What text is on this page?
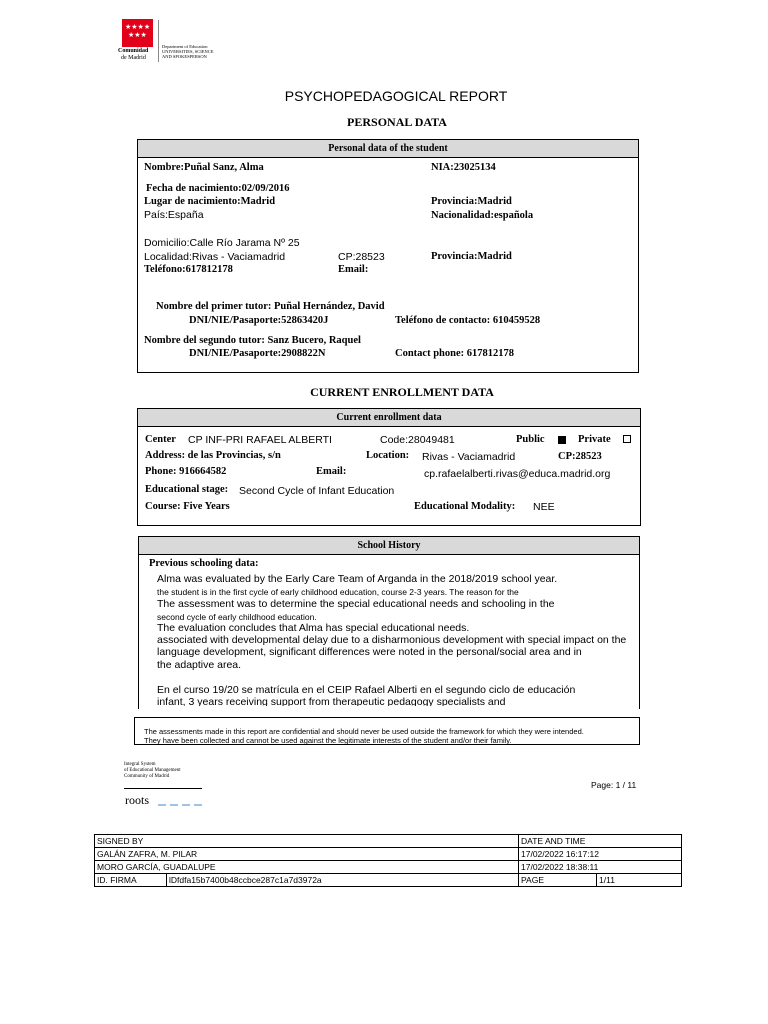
★★★★
★★★
Comunidad
de Madrid
Department of Education
UNIVERSITIES, SCIENCE
AND SPOKESPERSON
PSYCHOPEDAGOGICAL REPORT
PERSONAL DATA
Personal data of the student
Nombre:Puñal Sanz, Alma	NIA:23025134
Fecha de nacimiento:02/09/2016
Lugar de nacimiento:Madrid	Provincia:Madrid
País:España	Nacionalidad:española
Domicilio:Calle Río Jarama Nº 25
Localidad:Rivas - Vaciamadrid	CP:28523	Provincia:Madrid
Teléfono:617812178	Email:
Nombre del primer tutor: Puñal Hernández, David
DNI/NIE/Pasaporte:52863420J	Teléfono de contacto: 610459528
Nombre del segundo tutor: Sanz Bucero, Raquel
DNI/NIE/Pasaporte:2908822N	Contact phone: 617812178
CURRENT ENROLLMENT DATA
Current enrollment data
Center CP INF-PRI RAFAEL ALBERTI	Code:28049481	Public	Private
Address: de las Provincias, s/n	Location: Rivas - Vaciamadrid	CP:28523
Phone: 916664582	Email:	cp.rafaelalberti.rivas@educa.madrid.org
Educational stage: Second Cycle of Infant Education
Course: Five Years	Educational Modality: NEE
School History
Previous schooling data:
Alma was evaluated by the Early Care Team of Arganda in the 2018/2019 school year.
the student is in the first cycle of early childhood education, course 2-3 years. The reason for the
The assessment was to determine the special educational needs and schooling in the
second cycle of early childhood education.
The evaluation concludes that Alma has special educational needs.
associated with developmental delay due to a disharmonious development with special impact on the
language development, significant differences were noted in the personal/social area and in
the adaptive area.
En el curso 19/20 se matrícula en el CEIP Rafael Alberti en el segundo ciclo de educación
infant, 3 years receiving support from therapeutic pedagogy specialists and
The assessments made in this report are confidential and should never be used outside the framework for which they were intended.
They have been collected and cannot be used against the legitimate interests of the student and/or their family.
Integral System
of Educational Management
Community of Madrid
roots
Page: 1 / 11
SIGNED BY		DATE AND TIME	
GALÁN ZAFRA, M. PILAR		17/02/2022 16:17:12	
MORO GARCÍA, GUADALUPE		17/02/2022 18:38:11	
ID. FIRMA	lDfdfa15b7400b48ccbce287c1a7d3972a	PAGE	1/11
